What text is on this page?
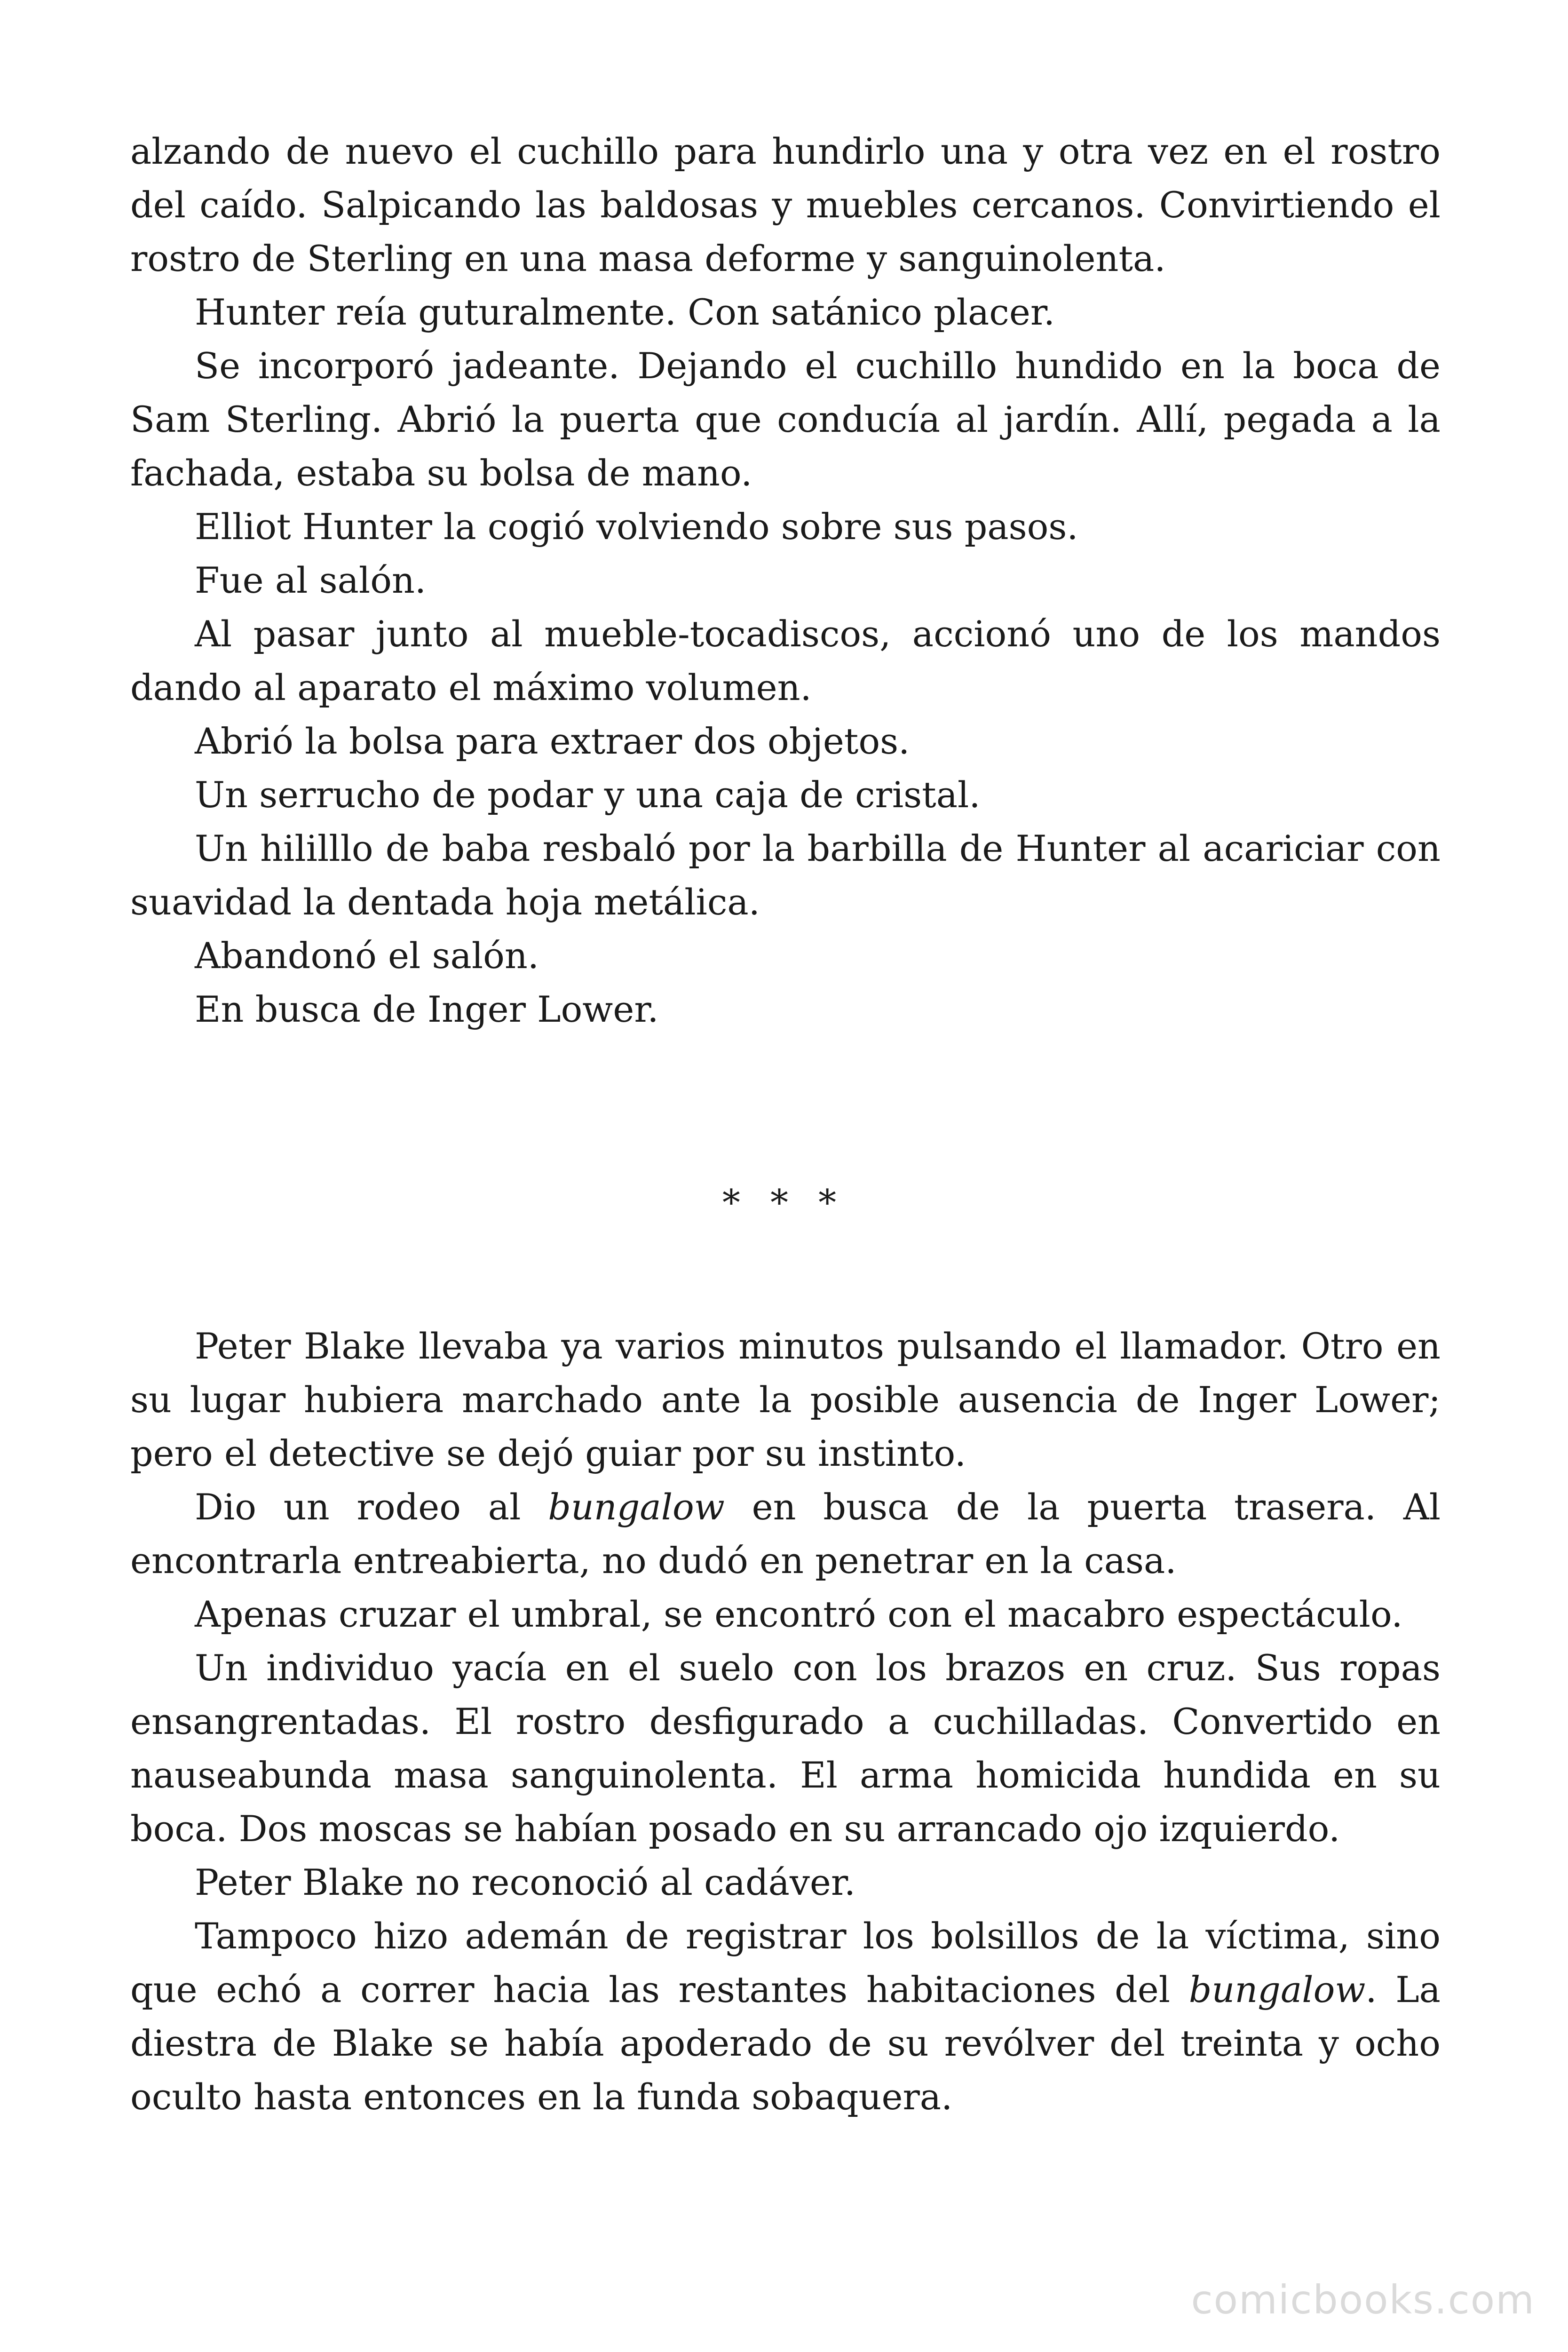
alzando de nuevo el cuchillo para hundirlo una y otra vez en el rostro del caído. Salpicando las baldosas y muebles cercanos. Convirtiendo el rostro de Sterling en una masa deforme y sanguinolenta.

Hunter reía guturalmente. Con satánico placer.

Se incorporó jadeante. Dejando el cuchillo hundido en la boca de Sam Sterling. Abrió la puerta que conducía al jardín. Allí, pegada a la fachada, estaba su bolsa de mano.

Elliot Hunter la cogió volviendo sobre sus pasos.

Fue al salón.

Al pasar junto al mueble-tocadiscos, accionó uno de los mandos dando al aparato el máximo volumen.

Abrió la bolsa para extraer dos objetos.

Un serrucho de podar y una caja de cristal.

Un hililllo de baba resbaló por la barbilla de Hunter al acariciar con suavidad la dentada hoja metálica.

Abandonó el salón.

En busca de Inger Lower.

* * *

Peter Blake llevaba ya varios minutos pulsando el llamador. Otro en su lugar hubiera marchado ante la posible ausencia de Inger Lower; pero el detective se dejó guiar por su instinto.

Dio un rodeo al bungalow en busca de la puerta trasera. Al encontrarla entreabierta, no dudó en penetrar en la casa.

Apenas cruzar el umbral, se encontró con el macabro espectáculo.

Un individuo yacía en el suelo con los brazos en cruz. Sus ropas ensangrentadas. El rostro desfigurado a cuchilladas. Convertido en nauseabunda masa sanguinolenta. El arma homicida hundida en su boca. Dos moscas se habían posado en su arrancado ojo izquierdo.

Peter Blake no reconoció al cadáver.

Tampoco hizo ademán de registrar los bolsillos de la víctima, sino que echó a correr hacia las restantes habitaciones del bungalow. La diestra de Blake se había apoderado de su revólver del treinta y ocho oculto hasta entonces en la funda sobaquera.

comicbooks.com
